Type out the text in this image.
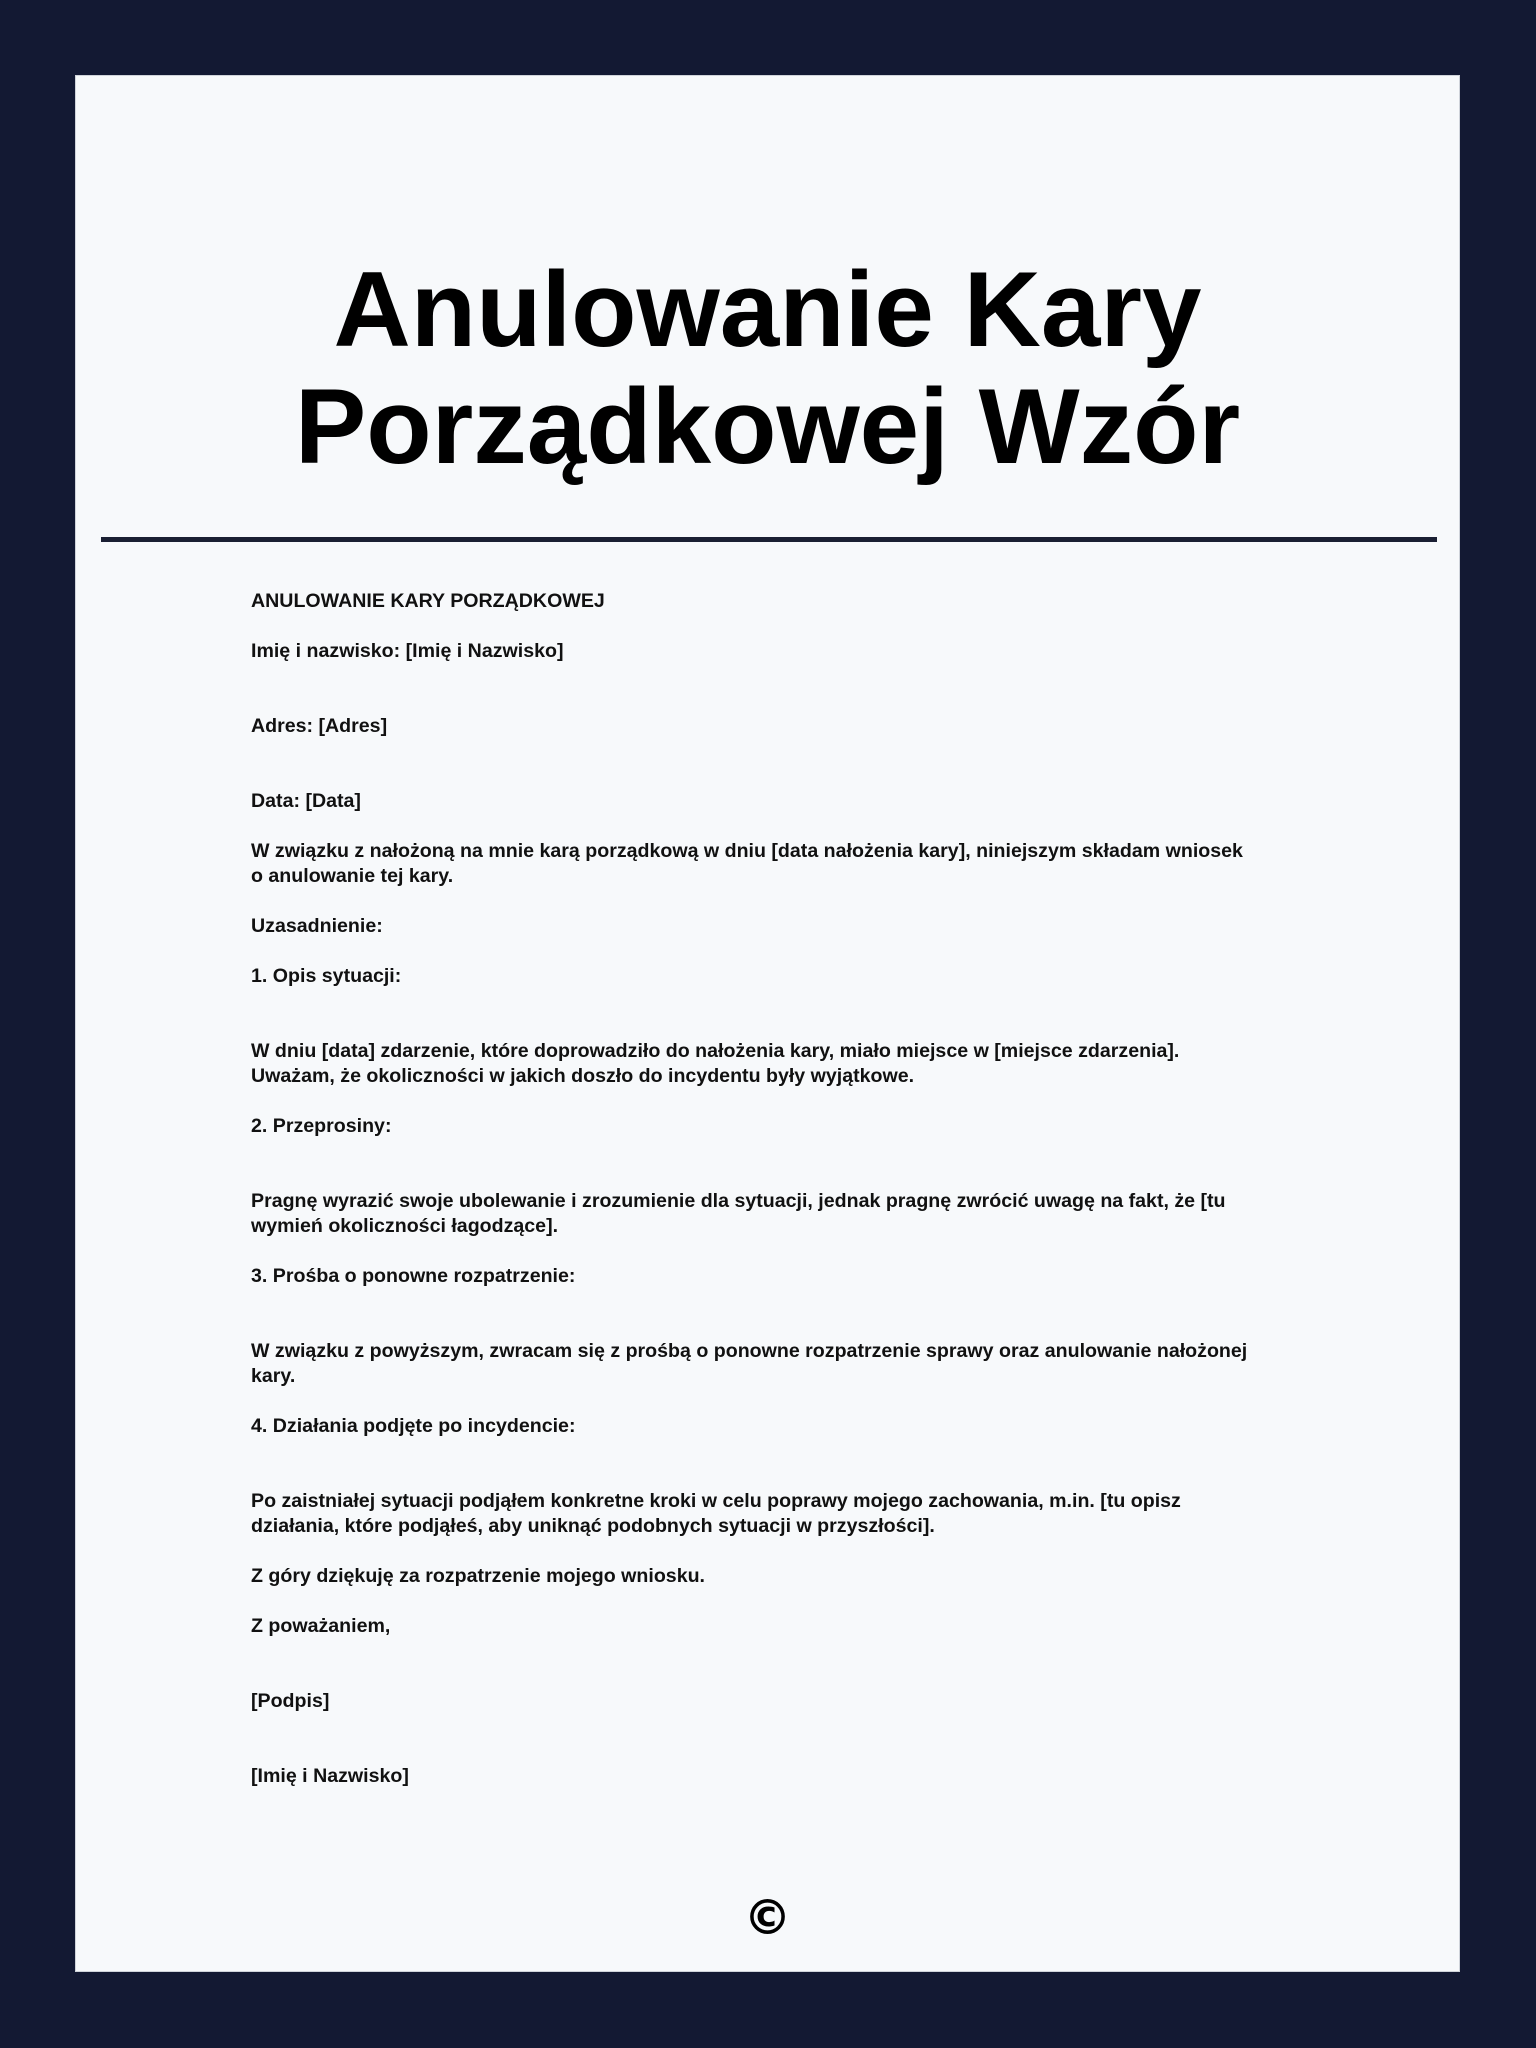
Anulowanie Kary
Porządkowej Wzór
ANULOWANIE KARY PORZĄDKOWEJ
Imię i nazwisko: [Imię i Nazwisko]
Adres: [Adres]
Data: [Data]
W związku z nałożoną na mnie karą porządkową w dniu [data nałożenia kary], niniejszym składam wniosek
o anulowanie tej kary.
Uzasadnienie:
1. Opis sytuacji:
W dniu [data] zdarzenie, które doprowadziło do nałożenia kary, miało miejsce w [miejsce zdarzenia].
Uważam, że okoliczności w jakich doszło do incydentu były wyjątkowe.
2. Przeprosiny:
Pragnę wyrazić swoje ubolewanie i zrozumienie dla sytuacji, jednak pragnę zwrócić uwagę na fakt, że [tu
wymień okoliczności łagodzące].
3. Prośba o ponowne rozpatrzenie:
W związku z powyższym, zwracam się z prośbą o ponowne rozpatrzenie sprawy oraz anulowanie nałożonej
kary.
4. Działania podjęte po incydencie:
Po zaistniałej sytuacji podjąłem konkretne kroki w celu poprawy mojego zachowania, m.in. [tu opisz
działania, które podjąłeś, aby uniknąć podobnych sytuacji w przyszłości].
Z góry dziękuję za rozpatrzenie mojego wniosku.
Z poważaniem,
[Podpis]
[Imię i Nazwisko]
©
